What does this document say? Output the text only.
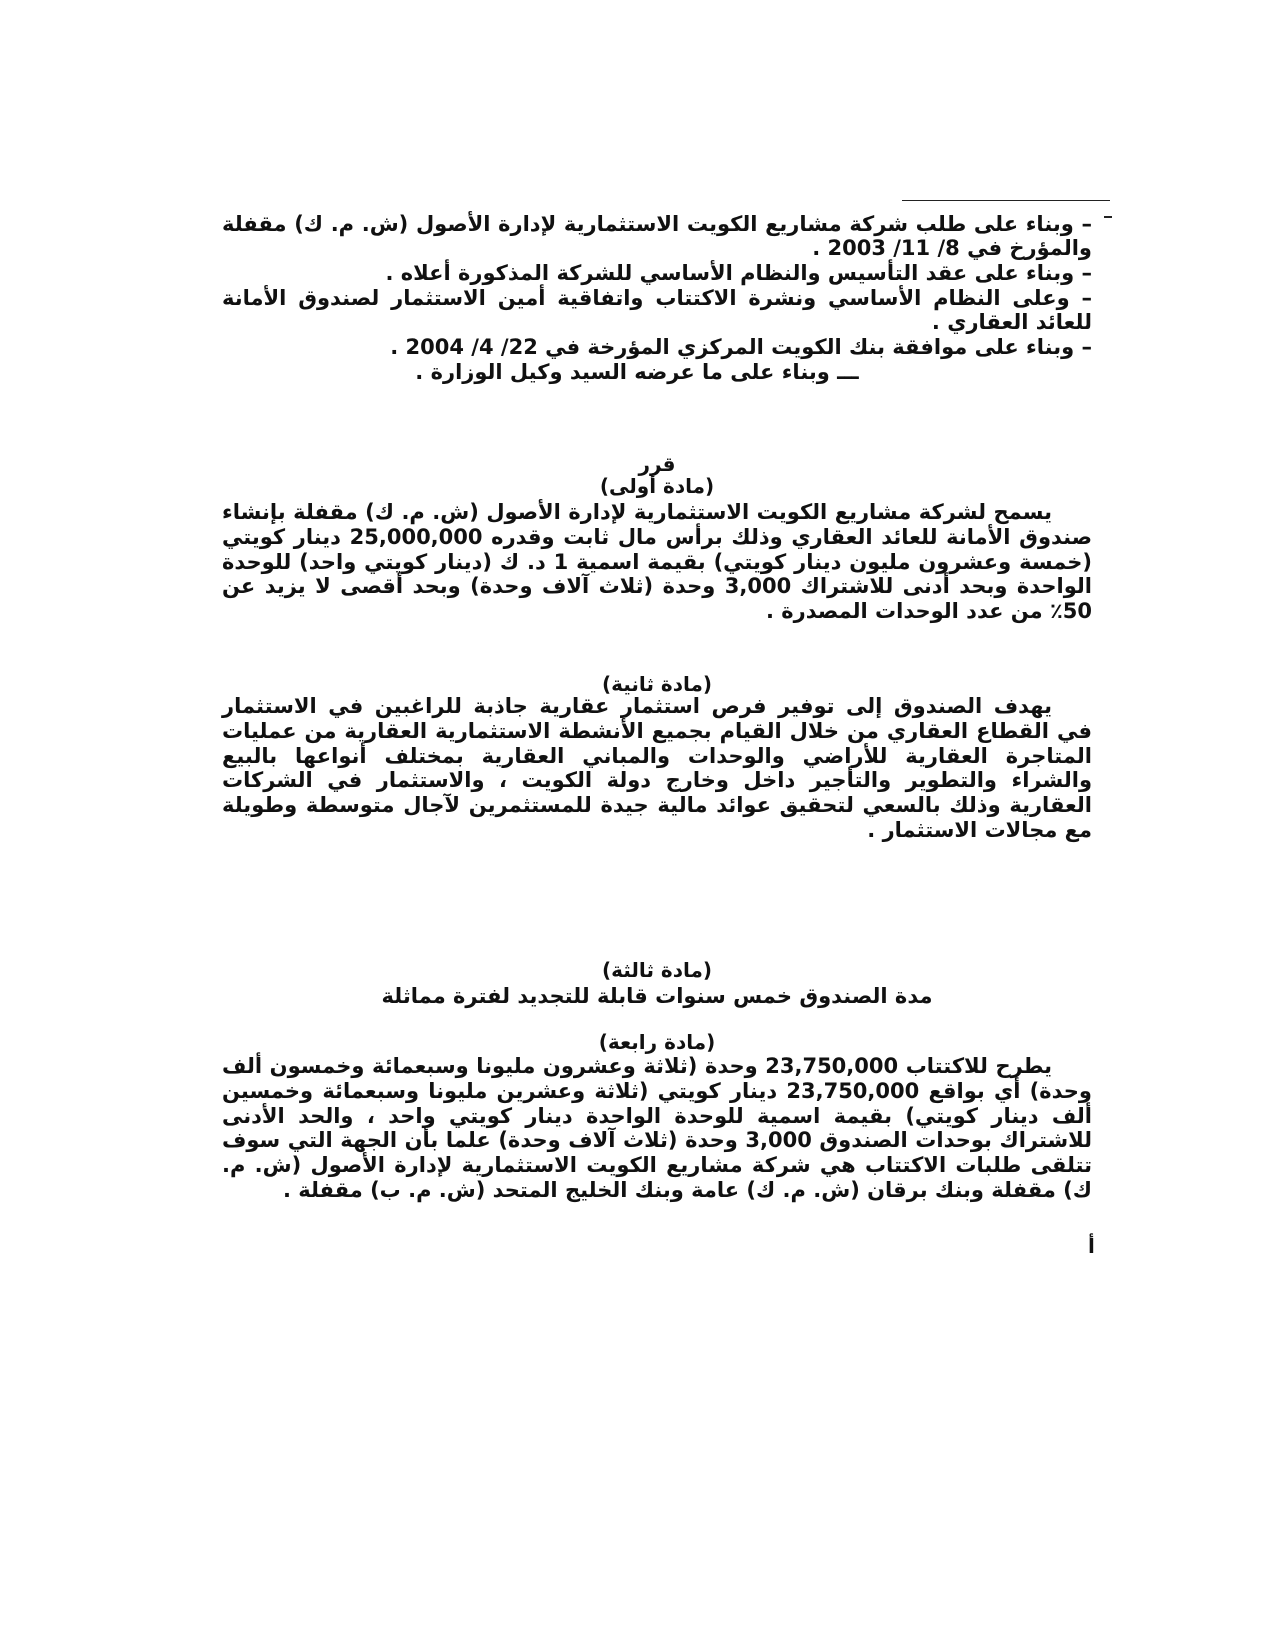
– وبناء على طلب شركة مشاريع الكويت الاستثمارية لإدارة الأصول (ش. م. ك) مقفلة والمؤرخ في 8/ 11/ 2003 .

– وبناء على عقد التأسيس والنظام الأساسي للشركة المذكورة أعلاه .

– وعلى النظام الأساسي ونشرة الاكتتاب واتفاقية أمين الاستثمار لصندوق الأمانة للعائد العقاري .

– وبناء على موافقة بنك الكويت المركزي المؤرخة في 22/ 4/ 2004 .

ـــ وبناء على ما عرضه السيد وكيل الوزارة .

قرر
(مادة أولى)

يسمح لشركة مشاريع الكويت الاستثمارية لإدارة الأصول (ش. م. ك) مقفلة بإنشاء صندوق الأمانة للعائد العقاري وذلك برأس مال ثابت وقدره 25,000,000 دينار كويتي (خمسة وعشرون مليون دينار كويتي) بقيمة اسمية 1 د. ك (دينار كويتي واحد) للوحدة الواحدة وبحد أدنى للاشتراك 3,000 وحدة (ثلاث آلاف وحدة) وبحد أقصى لا يزيد عن 50٪ من عدد الوحدات المصدرة .

(مادة ثانية)

يهدف الصندوق إلى توفير فرص استثمار عقارية جاذبة للراغبين في الاستثمار في القطاع العقاري من خلال القيام بجميع الأنشطة الاستثمارية العقارية من عمليات المتاجرة العقارية للأراضي والوحدات والمباني العقارية بمختلف أنواعها بالبيع والشراء والتطوير والتأجير داخل وخارج دولة الكويت ، والاستثمار في الشركات العقارية وذلك بالسعي لتحقيق عوائد مالية جيدة للمستثمرين لآجال متوسطة وطويلة مع مجالات الاستثمار .

(مادة ثالثة)
مدة الصندوق خمس سنوات قابلة للتجديد لفترة مماثلة
(مادة رابعة)

يطرح للاكتتاب 23,750,000 وحدة (ثلاثة وعشرون مليونا وسبعمائة وخمسون ألف وحدة) أي بواقع 23,750,000 دينار كويتي (ثلاثة وعشرين مليونا وسبعمائة وخمسين ألف دينار كويتي) بقيمة اسمية للوحدة الواحدة دينار كويتي واحد ، والحد الأدنى للاشتراك بوحدات الصندوق 3,000 وحدة (ثلاث آلاف وحدة) علما بأن الجهة التي سوف تتلقى طلبات الاكتتاب هي شركة مشاريع الكويت الاستثمارية لإدارة الأصول (ش. م. ك) مقفلة وبنك برقان (ش. م. ك) عامة وبنك الخليج المتحد (ش. م. ب) مقفلة .

أ
